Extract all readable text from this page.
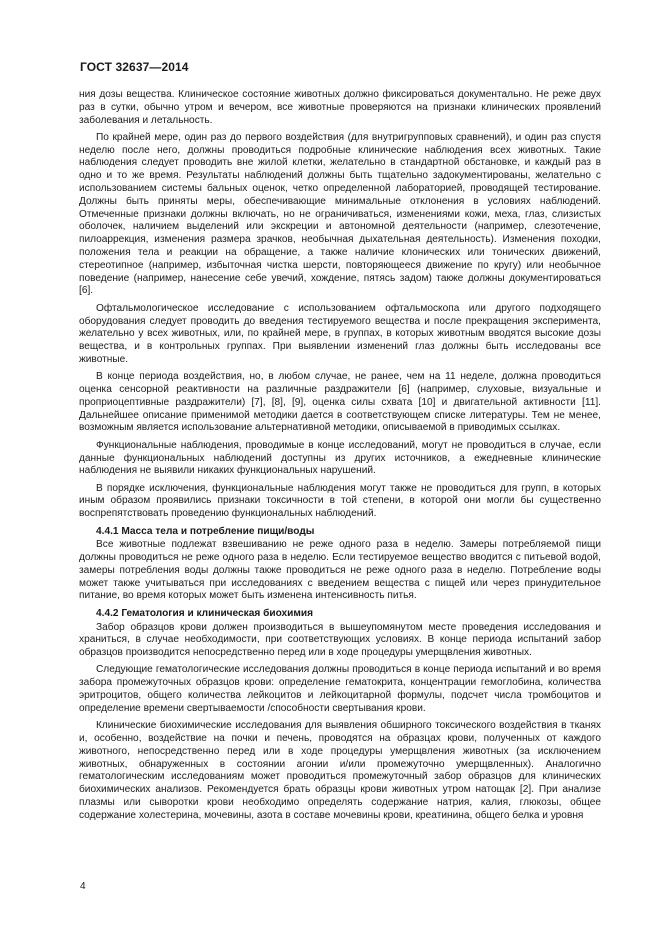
ГОСТ 32637—2014

ния дозы вещества. Клиническое состояние животных должно фиксироваться документально. Не реже двух раз в сутки, обычно утром и вечером, все животные проверяются на признаки клинических проявлений заболевания и летальность.

По крайней мере, один раз до первого воздействия (для внутригрупповых сравнений), и один раз спустя неделю после него, должны проводиться подробные клинические наблюдения всех животных. Такие наблюдения следует проводить вне жилой клетки, желательно в стандартной обстановке, и каждый раз в одно и то же время. Результаты наблюдений должны быть тщательно задокументированы, желательно с использованием системы бальных оценок, четко определенной лабораторией, проводящей тестирование. Должны быть приняты меры, обеспечивающие минимальные отклонения в условиях наблюдений. Отмеченные признаки должны включать, но не ограничиваться, изменениями кожи, меха, глаз, слизистых оболочек, наличием выделений или экскреции и автономной деятельности (например, слезотечение, пилоаррекция, изменения размера зрачков, необычная дыхательная деятельность). Изменения походки, положения тела и реакции на обращение, а также наличие клонических или тонических движений, стереотипное (например, избыточная чистка шерсти, повторяющееся движение по кругу) или необычное поведение (например, нанесение себе увечий, хождение, пятясь задом) также должны документироваться [6].

Офтальмологическое исследование с использованием офтальмоскопа или другого подходящего оборудования следует проводить до введения тестируемого вещества и после прекращения эксперимента, желательно у всех животных, или, по крайней мере, в группах, в которых животным вводятся высокие дозы вещества, и в контрольных группах. При выявлении изменений глаз должны быть исследованы все животные.

В конце периода воздействия, но, в любом случае, не ранее, чем на 11 неделе, должна проводиться оценка сенсорной реактивности на различные раздражители [6] (например, слуховые, визуальные и проприоцептивные раздражители) [7], [8], [9], оценка силы схвата [10] и двигательной активности [11]. Дальнейшее описание применимой методики дается в соответствующем списке литературы. Тем не менее, возможным является использование альтернативной методики, описываемой в приводимых ссылках.

Функциональные наблюдения, проводимые в конце исследований, могут не проводиться в случае, если данные функциональных наблюдений доступны из других источников, а ежедневные клинические наблюдения не выявили никаких функциональных нарушений.

В порядке исключения, функциональные наблюдения могут также не проводиться для групп, в которых иным образом проявились признаки токсичности в той степени, в которой они могли бы существенно воспрепятствовать проведению функциональных наблюдений.

4.4.1 Масса тела и потребление пищи/воды

Все животные подлежат взвешиванию не реже одного раза в неделю. Замеры потребляемой пищи должны проводиться не реже одного раза в неделю. Если тестируемое вещество вводится с питьевой водой, замеры потребления воды должны также проводиться не реже одного раза в неделю. Потребление воды может также учитываться при исследованиях с введением вещества с пищей или через принудительное питание, во время которых может быть изменена интенсивность питья.

4.4.2 Гематология и клиническая биохимия

Забор образцов крови должен производиться в вышеупомянутом месте проведения исследования и храниться, в случае необходимости, при соответствующих условиях. В конце периода испытаний забор образцов производится непосредственно перед или в ходе процедуры умерщвления животных.

Следующие гематологические исследования должны проводиться в конце периода испытаний и во время забора промежуточных образцов крови: определение гематокрита, концентрации гемоглобина, количества эритроцитов, общего количества лейкоцитов и лейкоцитарной формулы, подсчет числа тромбоцитов и определение времени свертываемости /способности свертывания крови.

Клинические биохимические исследования для выявления обширного токсического воздействия в тканях и, особенно, воздействие на почки и печень, проводятся на образцах крови, полученных от каждого животного, непосредственно перед или в ходе процедуры умерщвления животных (за исключением животных, обнаруженных в состоянии агонии и/или промежуточно умерщвленных). Аналогично гематологическим исследованиям может проводиться промежуточный забор образцов для клинических биохимических анализов. Рекомендуется брать образцы крови животных утром натощак [2]. При анализе плазмы или сыворотки крови необходимо определять содержание натрия, калия, глюкозы, общее содержание холестерина, мочевины, азота в составе мочевины крови, креатинина, общего белка и уровня

4
